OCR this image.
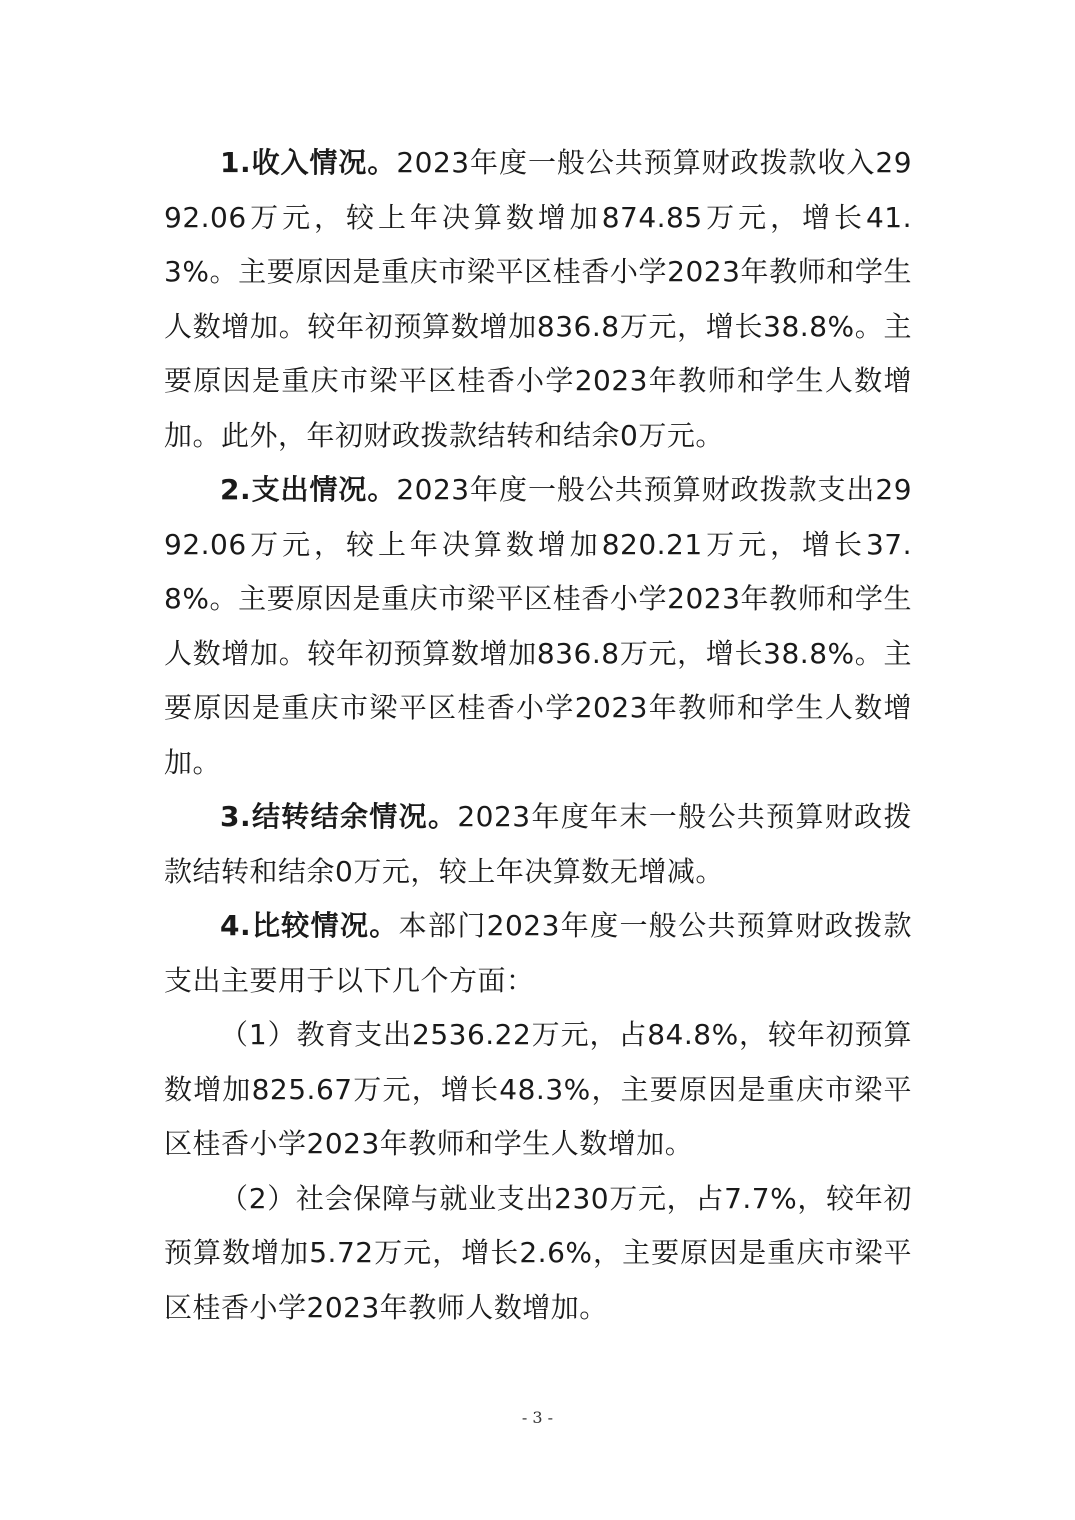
1.收入情况。2023年度一般公共预算财政拨款收入2992.06万元，较上年决算数增加874.85万元，增长41.3%。主要原因是重庆市梁平区桂香小学2023年教师和学生人数增加。较年初预算数增加836.8万元，增长38.8%。主要原因是重庆市梁平区桂香小学2023年教师和学生人数增加。此外，年初财政拨款结转和结余0万元。

2.支出情况。2023年度一般公共预算财政拨款支出2992.06万元，较上年决算数增加820.21万元，增长37.8%。主要原因是重庆市梁平区桂香小学2023年教师和学生人数增加。较年初预算数增加836.8万元，增长38.8%。主要原因是重庆市梁平区桂香小学2023年教师和学生人数增加。

3.结转结余情况。2023年度年末一般公共预算财政拨款结转和结余0万元，较上年决算数无增减。

4.比较情况。本部门2023年度一般公共预算财政拨款支出主要用于以下几个方面：

（1）教育支出2536.22万元，占84.8%，较年初预算数增加825.67万元，增长48.3%，主要原因是重庆市梁平区桂香小学2023年教师和学生人数增加。

（2）社会保障与就业支出230万元，占7.7%，较年初预算数增加5.72万元，增长2.6%，主要原因是重庆市梁平区桂香小学2023年教师人数增加。

- 3 -
